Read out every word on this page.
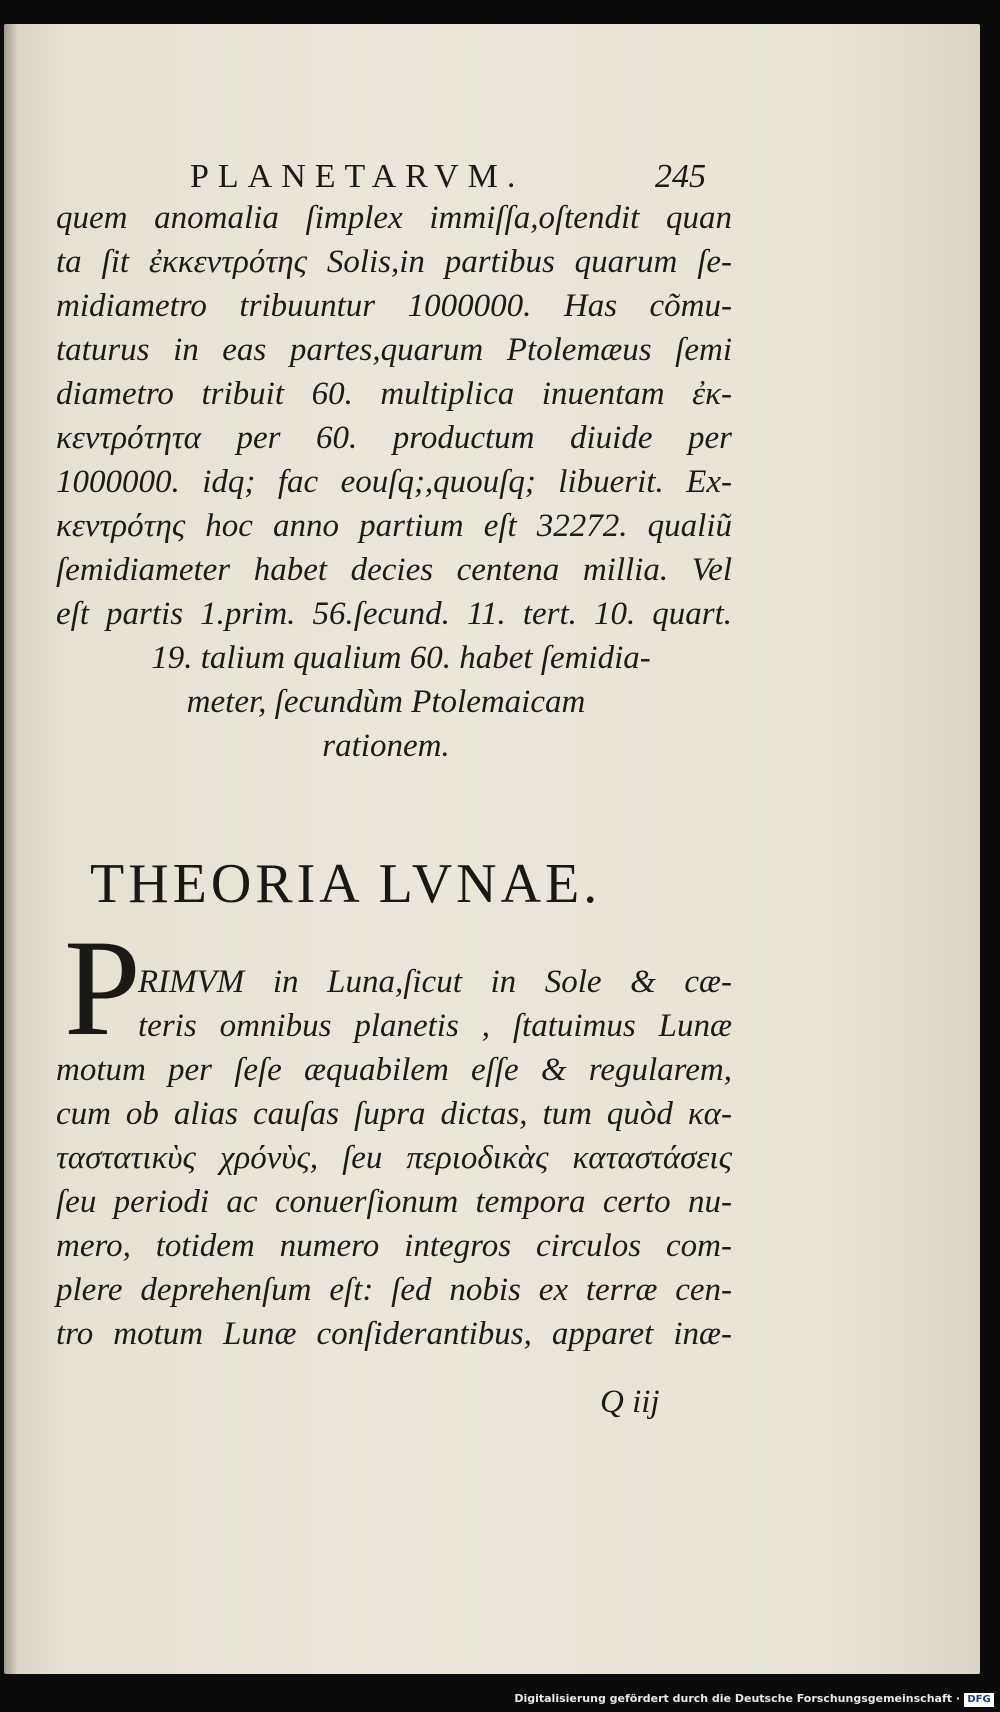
PLANETARVM.	245
quem anomalia ſimplex immiſſa,oſtendit quan
ta ſit ἐκκεντρότης Solis,in partibus quarum ſe-
midiametro tribuuntur 1000000. Has cõmu-
taturus in eas partes,quarum Ptolemæus ſemi
diametro tribuit 60. multiplica inuentam ἐκ-
κεντρότητα per 60. productum diuide per
1000000. idq; fac eouſq;,quouſq; libuerit. Ex-
κεντρότης hoc anno partium eſt 32272. qualiũ
ſemidiameter habet decies centena millia. Vel
eſt partis 1.prim. 56.ſecund. 11. tert. 10. quart.
19. talium qualium 60. habet ſemidia-
meter, ſecundùm Ptolemaicam
rationem.
THEORIA LVNAE.
P
RIMVM in Luna,ſicut in Sole & cæ-
teris omnibus planetis , ſtatuimus Lunæ
motum per ſeſe æquabilem eſſe & regularem,
cum ob alias cauſas ſupra dictas, tum quòd κα-
ταστατικὺς χρόνὺς, ſeu περιοδικὰς καταστάσεις
ſeu periodi ac conuerſionum tempora certo nu-
mero, totidem numero integros circulos com-
plere deprehenſum eſt: ſed nobis ex terræ cen-
tro motum Lunæ conſiderantibus, apparet inæ-
Q iij
Digitalisierung gefördert durch die Deutsche Forschungsgemeinschaft · DFG
